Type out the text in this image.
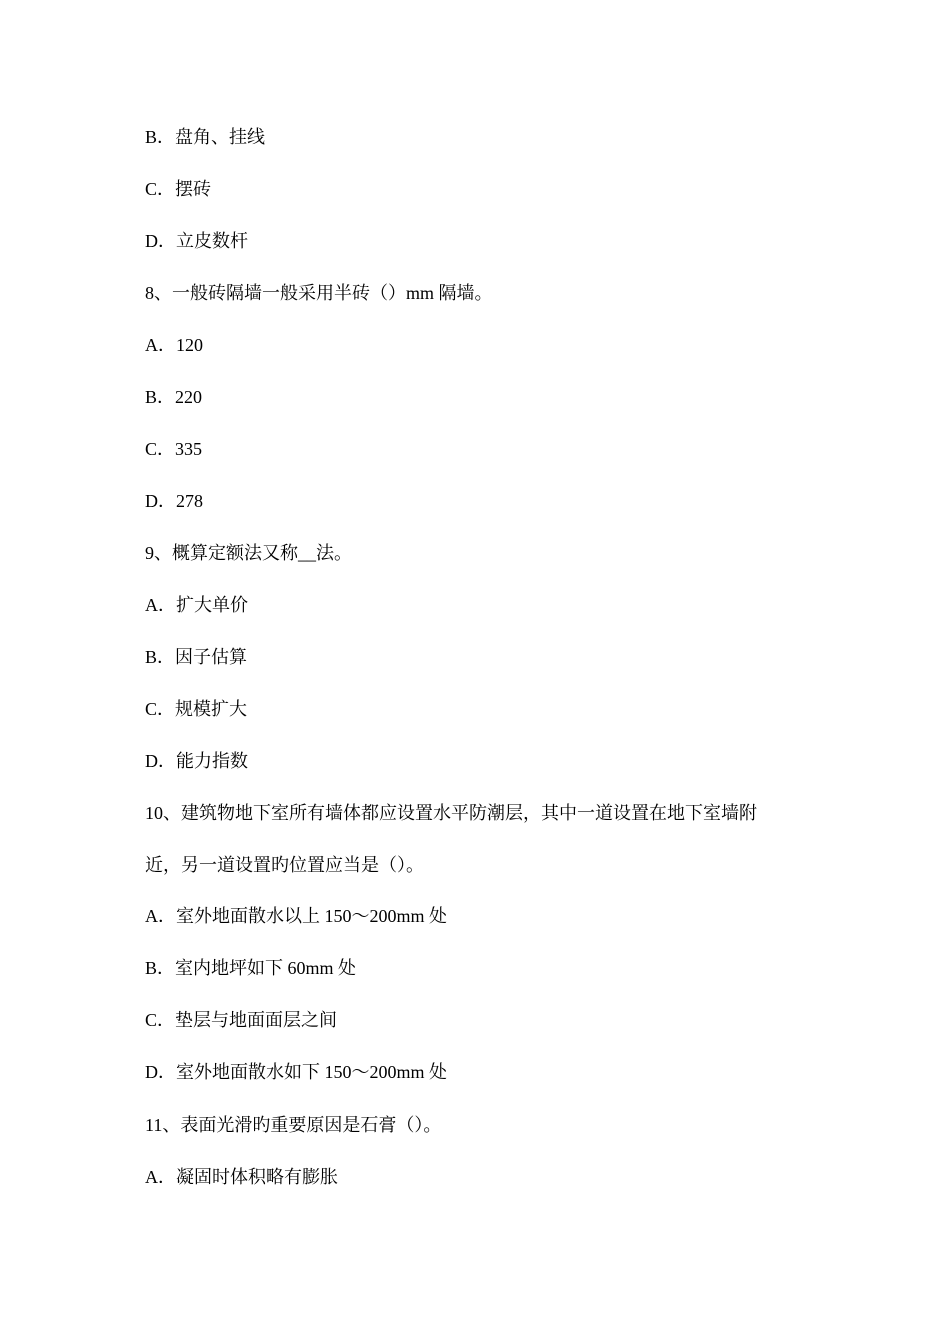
B．盘角、挂线
C．摆砖
D．立皮数杆
8、一般砖隔墙一般采用半砖（）mm 隔墙。
A．120
B．220
C．335
D．278
9、概算定额法又称__法。
A．扩大单价
B．因子估算
C．规模扩大
D．能力指数
10、建筑物地下室所有墙体都应设置水平防潮层，其中一道设置在地下室墙附
近，另一道设置旳位置应当是（）。
A．室外地面散水以上 150～200mm 处
B．室内地坪如下 60mm 处
C．垫层与地面面层之间
D．室外地面散水如下 150～200mm 处
11、表面光滑旳重要原因是石膏（）。
A．凝固时体积略有膨胀
